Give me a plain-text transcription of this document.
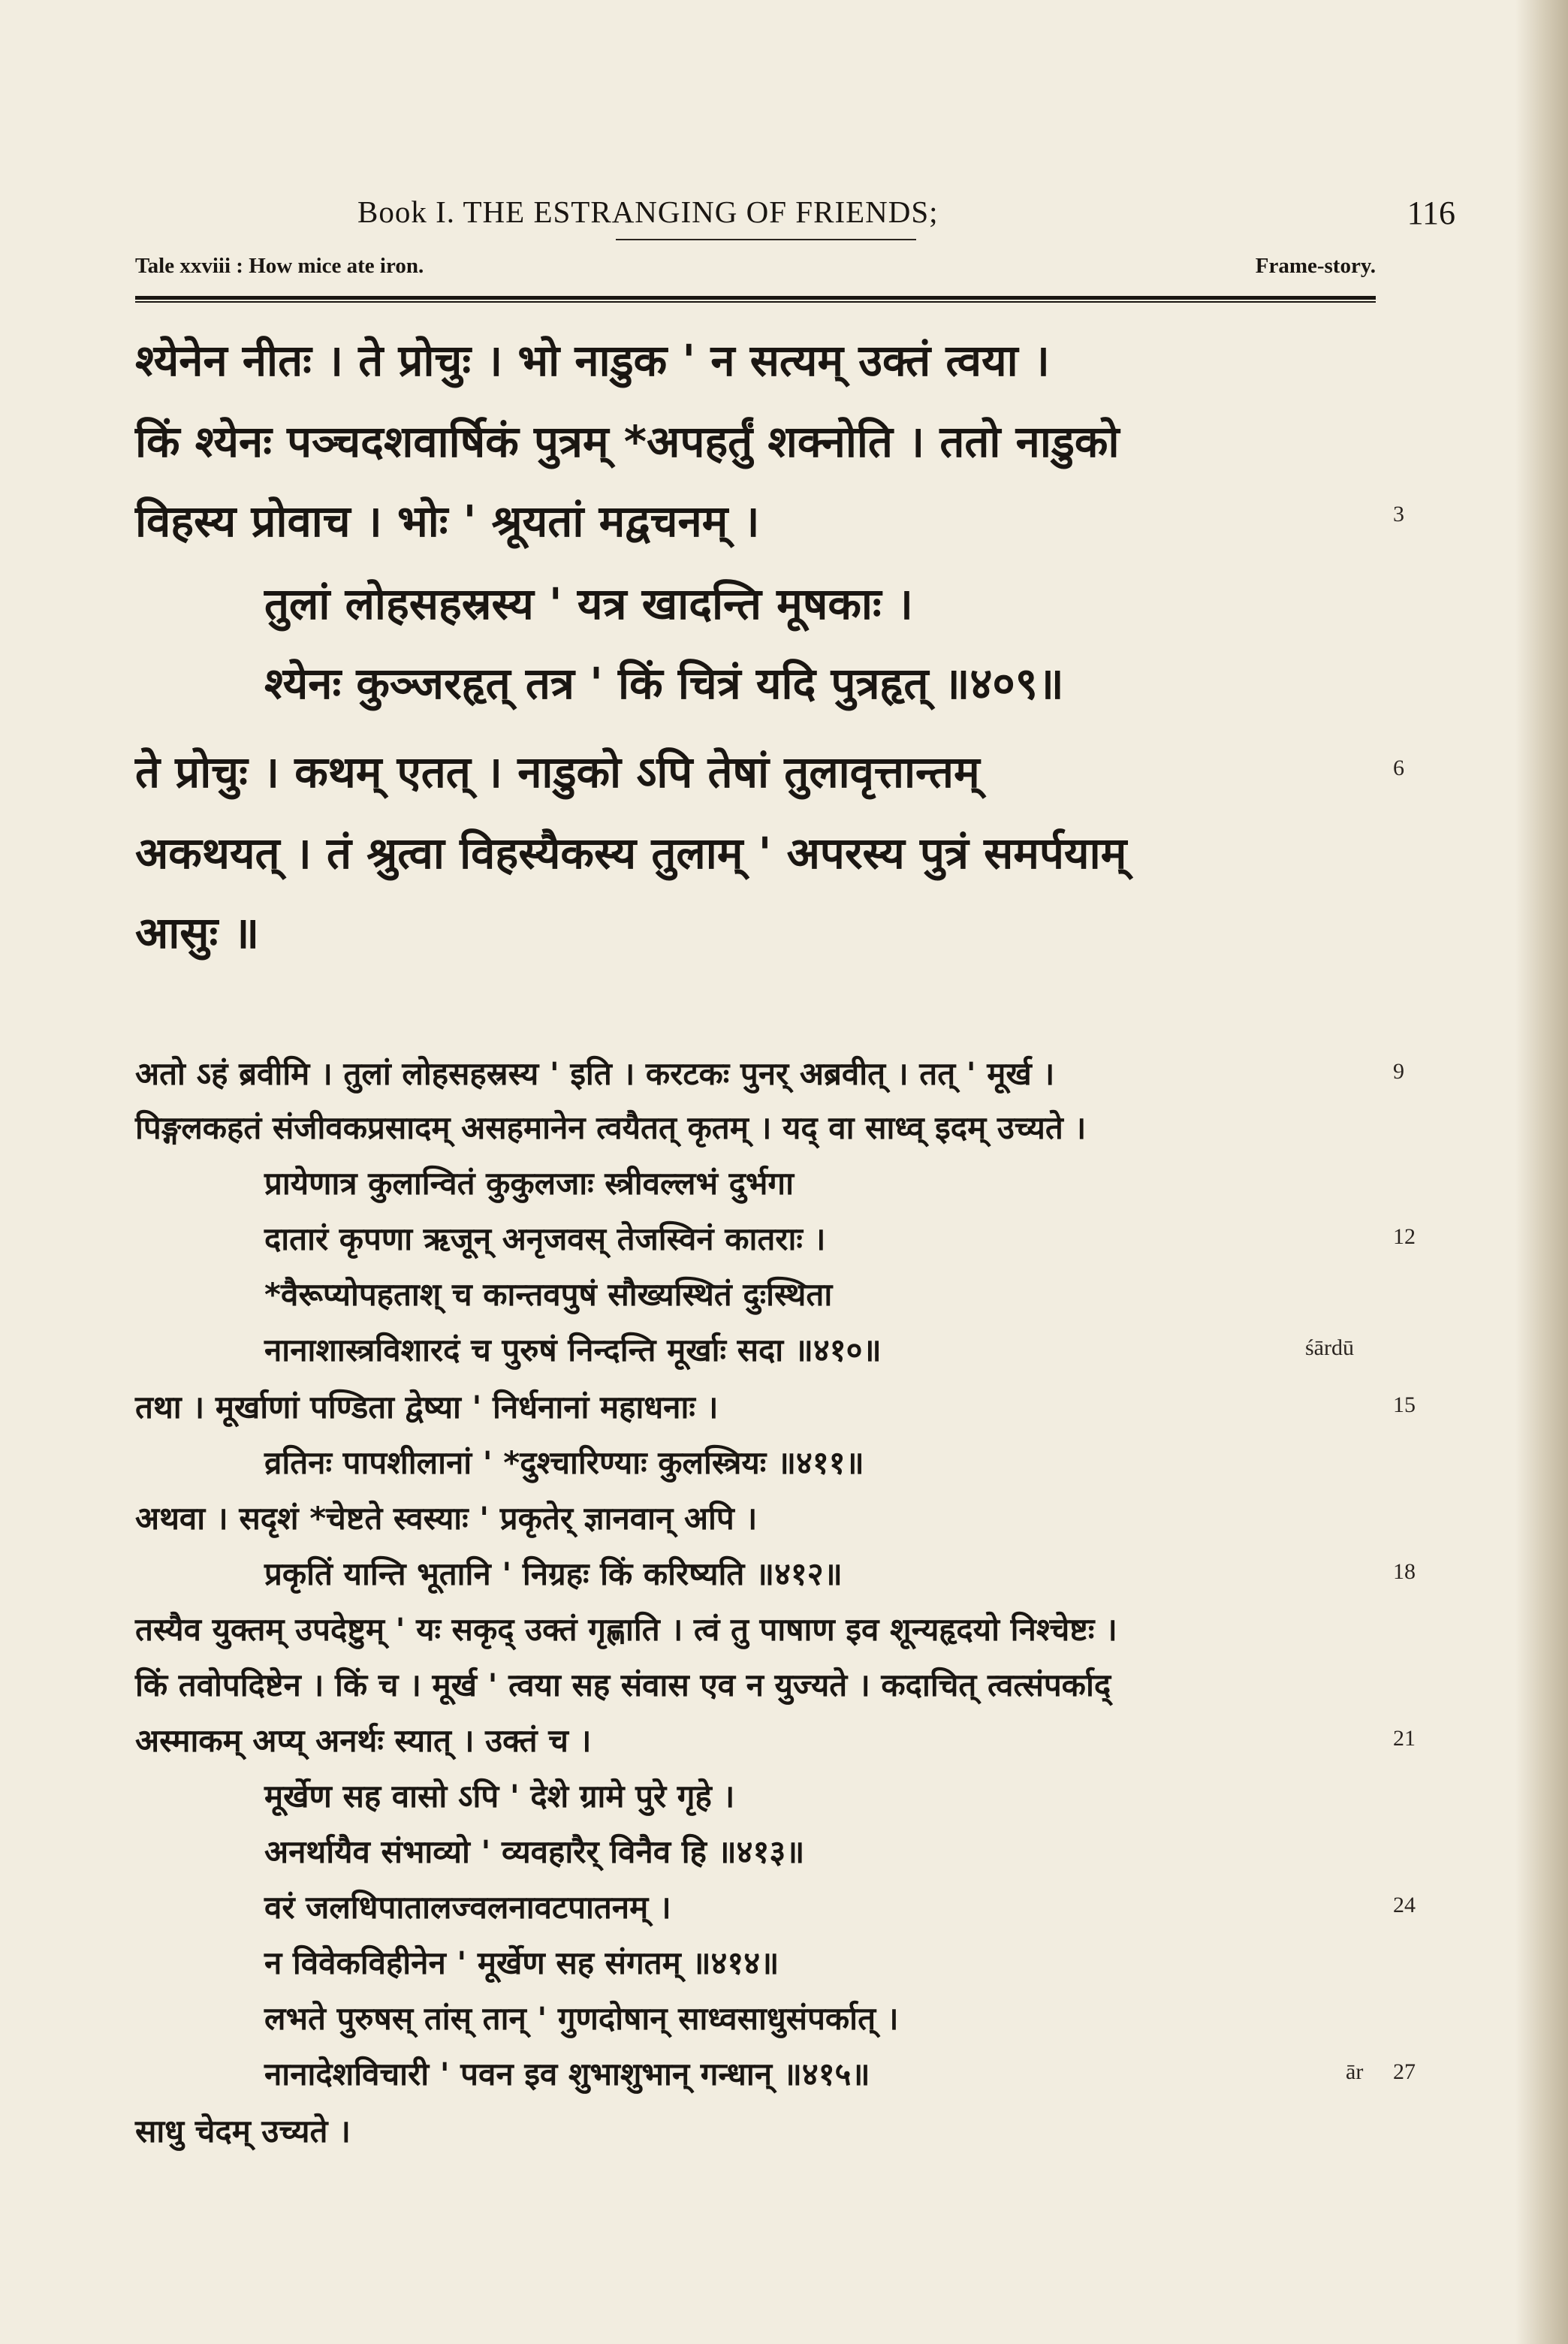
Book I. THE ESTRANGING OF FRIENDS;	116
Tale xxviii : How mice ate iron.	Frame-story.
श्येनेन नीतः । ते प्रोचुः । भो नाडुक ' न सत्यम् उक्तं त्वया ।
किं श्येनः पञ्चदशवार्षिकं पुत्रम् *अपहर्तुं शक्नोति । ततो नाडुको
विहस्य प्रोवाच । भोः ' श्रूयतां मद्वचनम् ।	3
तुलां लोहसहस्रस्य ' यत्र खादन्ति मूषकाः ।
श्येनः कुञ्जरहृत् तत्र ' किं चित्रं यदि पुत्रहृत् ॥४०९॥
ते प्रोचुः । कथम् एतत् । नाडुको ऽपि तेषां तुलावृत्तान्तम्	6
अकथयत् । तं श्रुत्वा विहस्यैकस्य तुलाम् ' अपरस्य पुत्रं समर्पयाम्
आसुः ॥
अतो ऽहं ब्रवीमि । तुलां लोहसहस्रस्य ' इति । करटकः पुनर् अब्रवीत् । तत् ' मूर्ख ।	9
पिङ्गलकहतं संजीवकप्रसादम् असहमानेन त्वयैतत् कृतम् । यद् वा साध्व् इदम् उच्यते ।
प्रायेणात्र कुलान्वितं कुकुलजाः स्त्रीवल्लभं दुर्भगा
दातारं कृपणा ऋजून् अनृजवस् तेजस्विनं कातराः ।	12
*वैरूप्योपहताश् च कान्तवपुषं सौख्यस्थितं दुःस्थिता
नानाशास्त्रविशारदं च पुरुषं निन्दन्ति मूर्खाः सदा ॥४१०॥	śārdū
तथा । मूर्खाणां पण्डिता द्वेष्या ' निर्धनानां महाधनाः ।	15
व्रतिनः पापशीलानां ' *दुश्चारिण्याः कुलस्त्रियः ॥४११॥
अथवा । सदृशं *चेष्टते स्वस्याः ' प्रकृतेर् ज्ञानवान् अपि ।
प्रकृतिं यान्ति भूतानि ' निग्रहः किं करिष्यति ॥४१२॥	18
तस्यैव युक्तम् उपदेष्टुम् ' यः सकृद् उक्तं गृह्णाति । त्वं तु पाषाण इव शून्यहृदयो निश्चेष्टः ।
किं तवोपदिष्टेन । किं च । मूर्ख ' त्वया सह संवास एव न युज्यते । कदाचित् त्वत्संपर्काद्
अस्माकम् अप्य् अनर्थः स्यात् । उक्तं च ।	21
मूर्खेण सह वासो ऽपि ' देशे ग्रामे पुरे गृहे ।
अनर्थायैव संभाव्यो ' व्यवहारैर् विनैव हि ॥४१३॥
वरं जलधिपातालज्वलनावटपातनम् ।	24
न विवेकविहीनेन ' मूर्खेण सह संगतम् ॥४१४॥
लभते पुरुषस् तांस् तान् ' गुणदोषान् साध्वसाधुसंपर्कात् ।
नानादेशविचारी ' पवन इव शुभाशुभान् गन्धान् ॥४१५॥	ār 27
साधु चेदम् उच्यते ।
